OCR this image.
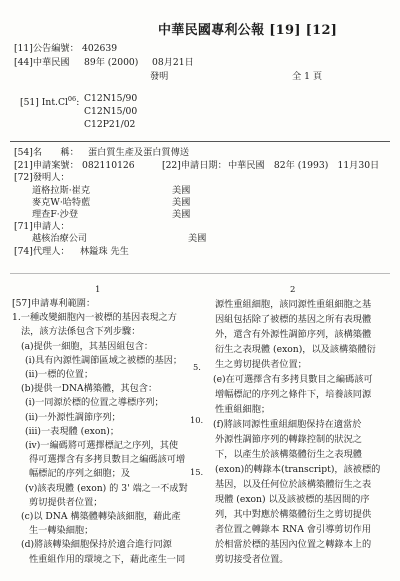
中華民國專利公報 [19] [12]
[11]公告編號： 402639
[44]中華民國 89年 (2000) 08月21日
發明	全 1 頁
[51] Int.Cl$^{06}$: C12N15/90
C12N15/00
C12P21/02
[54]名　　稱： 蛋白質生產及蛋白質傳送
[21]申請案號： 082110126	[22]申請日期： 中華民國　82年 (1993)　11月30日
[72]發明人：
道格拉斯·崔克	美國
麥克W·哈特藍	美國
理查F·沙登	美國
[71]申請人：
越核治療公司	美國
[74]代理人： 林鎰珠 先生
1	2
[57]申請專利範圍：
1.一種改變細胞內一被標的基因表現之方
法，該方法係包含下列步驟：
(a)提供一細胞，其基因組包含：
(i)具有內源性調節區域之被標的基因；
(ii)一標的位置；
(b)提供一DNA構築體，其包含：
(i)一同源於標的位置之導標序列；
(ii)一外源性調節序列；
(iii)一表現體 (exon)；
(iv)一編碼將可選擇標記之序列，其使
得可選擇含有多拷貝數目之編碼該可增
幅標記的序列之細胞；及
(v)該表現體 (exon) 的 3' 端之一不成對
剪切提供者位置；
(c)以 DNA 構築體轉染該細胞，藉此產
生一轉染細胞；
(d)將該轉染細胞保持於適合進行同源
性重組作用的環境之下，藉此產生一同
5.
10.
15.
源性重組細胞，該同源性重組細胞之基
因組包括除了被標的基因之所有表現體
外，還含有外源性調節序列，該構築體
衍生之表現體 (exon)，以及該構築體衍
生之剪切提供者位置；
(e)在可選擇含有多拷貝數目之編碼該可
增幅標記的序列之條件下，培養該同源
性重組細胞；
(f)將該同源性重組細胞保持在適當於
外源性調節序列的轉錄控制的狀況之
下，以產生於該構築體衍生之表現體
(exon)的轉錄本(transcript)，該被標的
基因，以及任何位於該構築體衍生之表
現體 (exon) 以及該被標的基因間的序
列，其中對應於構築體衍生之剪切提供
者位置之轉錄本 RNA 會引導剪切作用
於相當於標的基因內位置之轉錄本上的
剪切接受者位置。
